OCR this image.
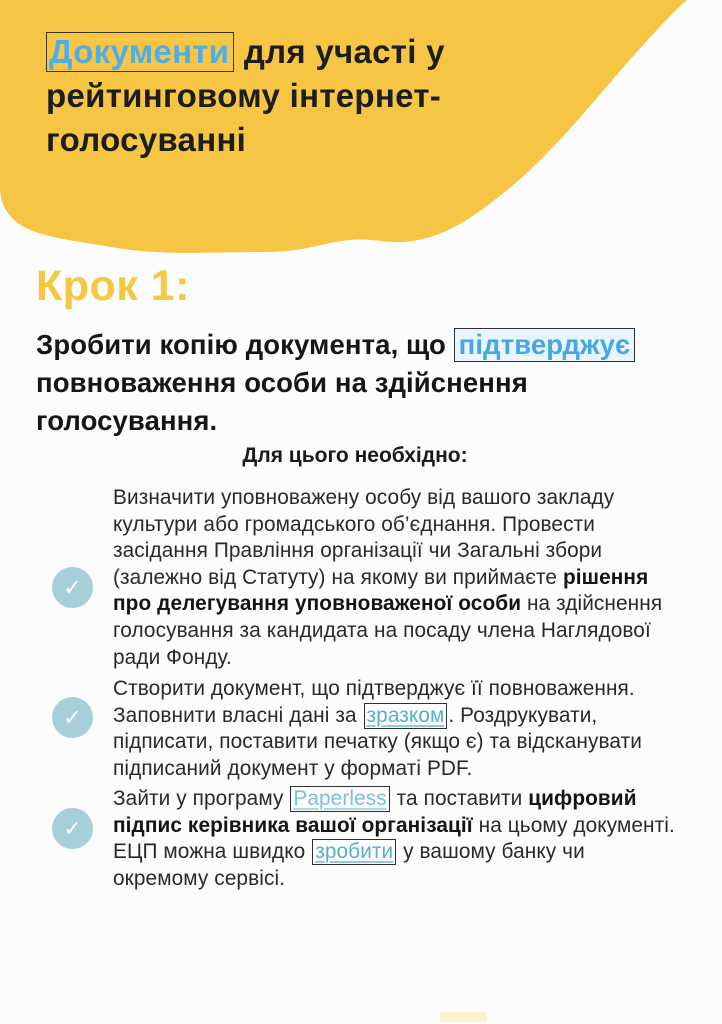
Документи для участі у
рейтинговому інтернет-
голосуванні
Крок 1:
Зробити копію документа, що підтверджує
повноваження особи на здійснення
голосування.
Для цього необхідно:
✓
Визначити уповноважену особу від вашого закладу
культури або громадського об’єднання. Провести
засідання Правління організації чи Загальні збори
(залежно від Статуту) на якому ви приймаєте рішення
про делегування уповноваженої особи на здійснення
голосування за кандидата на посаду члена Наглядової
ради Фонду.
✓
Створити документ, що підтверджує її повноваження.
Заповнити власні дані за зразком . Роздрукувати,
підписати, поставити печатку (якщо є) та відсканувати
підписаний документ у форматі PDF.
✓
Зайти у програму Paperless та поставити цифровий
підпис керівника вашої організації на цьому документі.
ЕЦП можна швидко зробити у вашому банку чи
окремому сервісі.
